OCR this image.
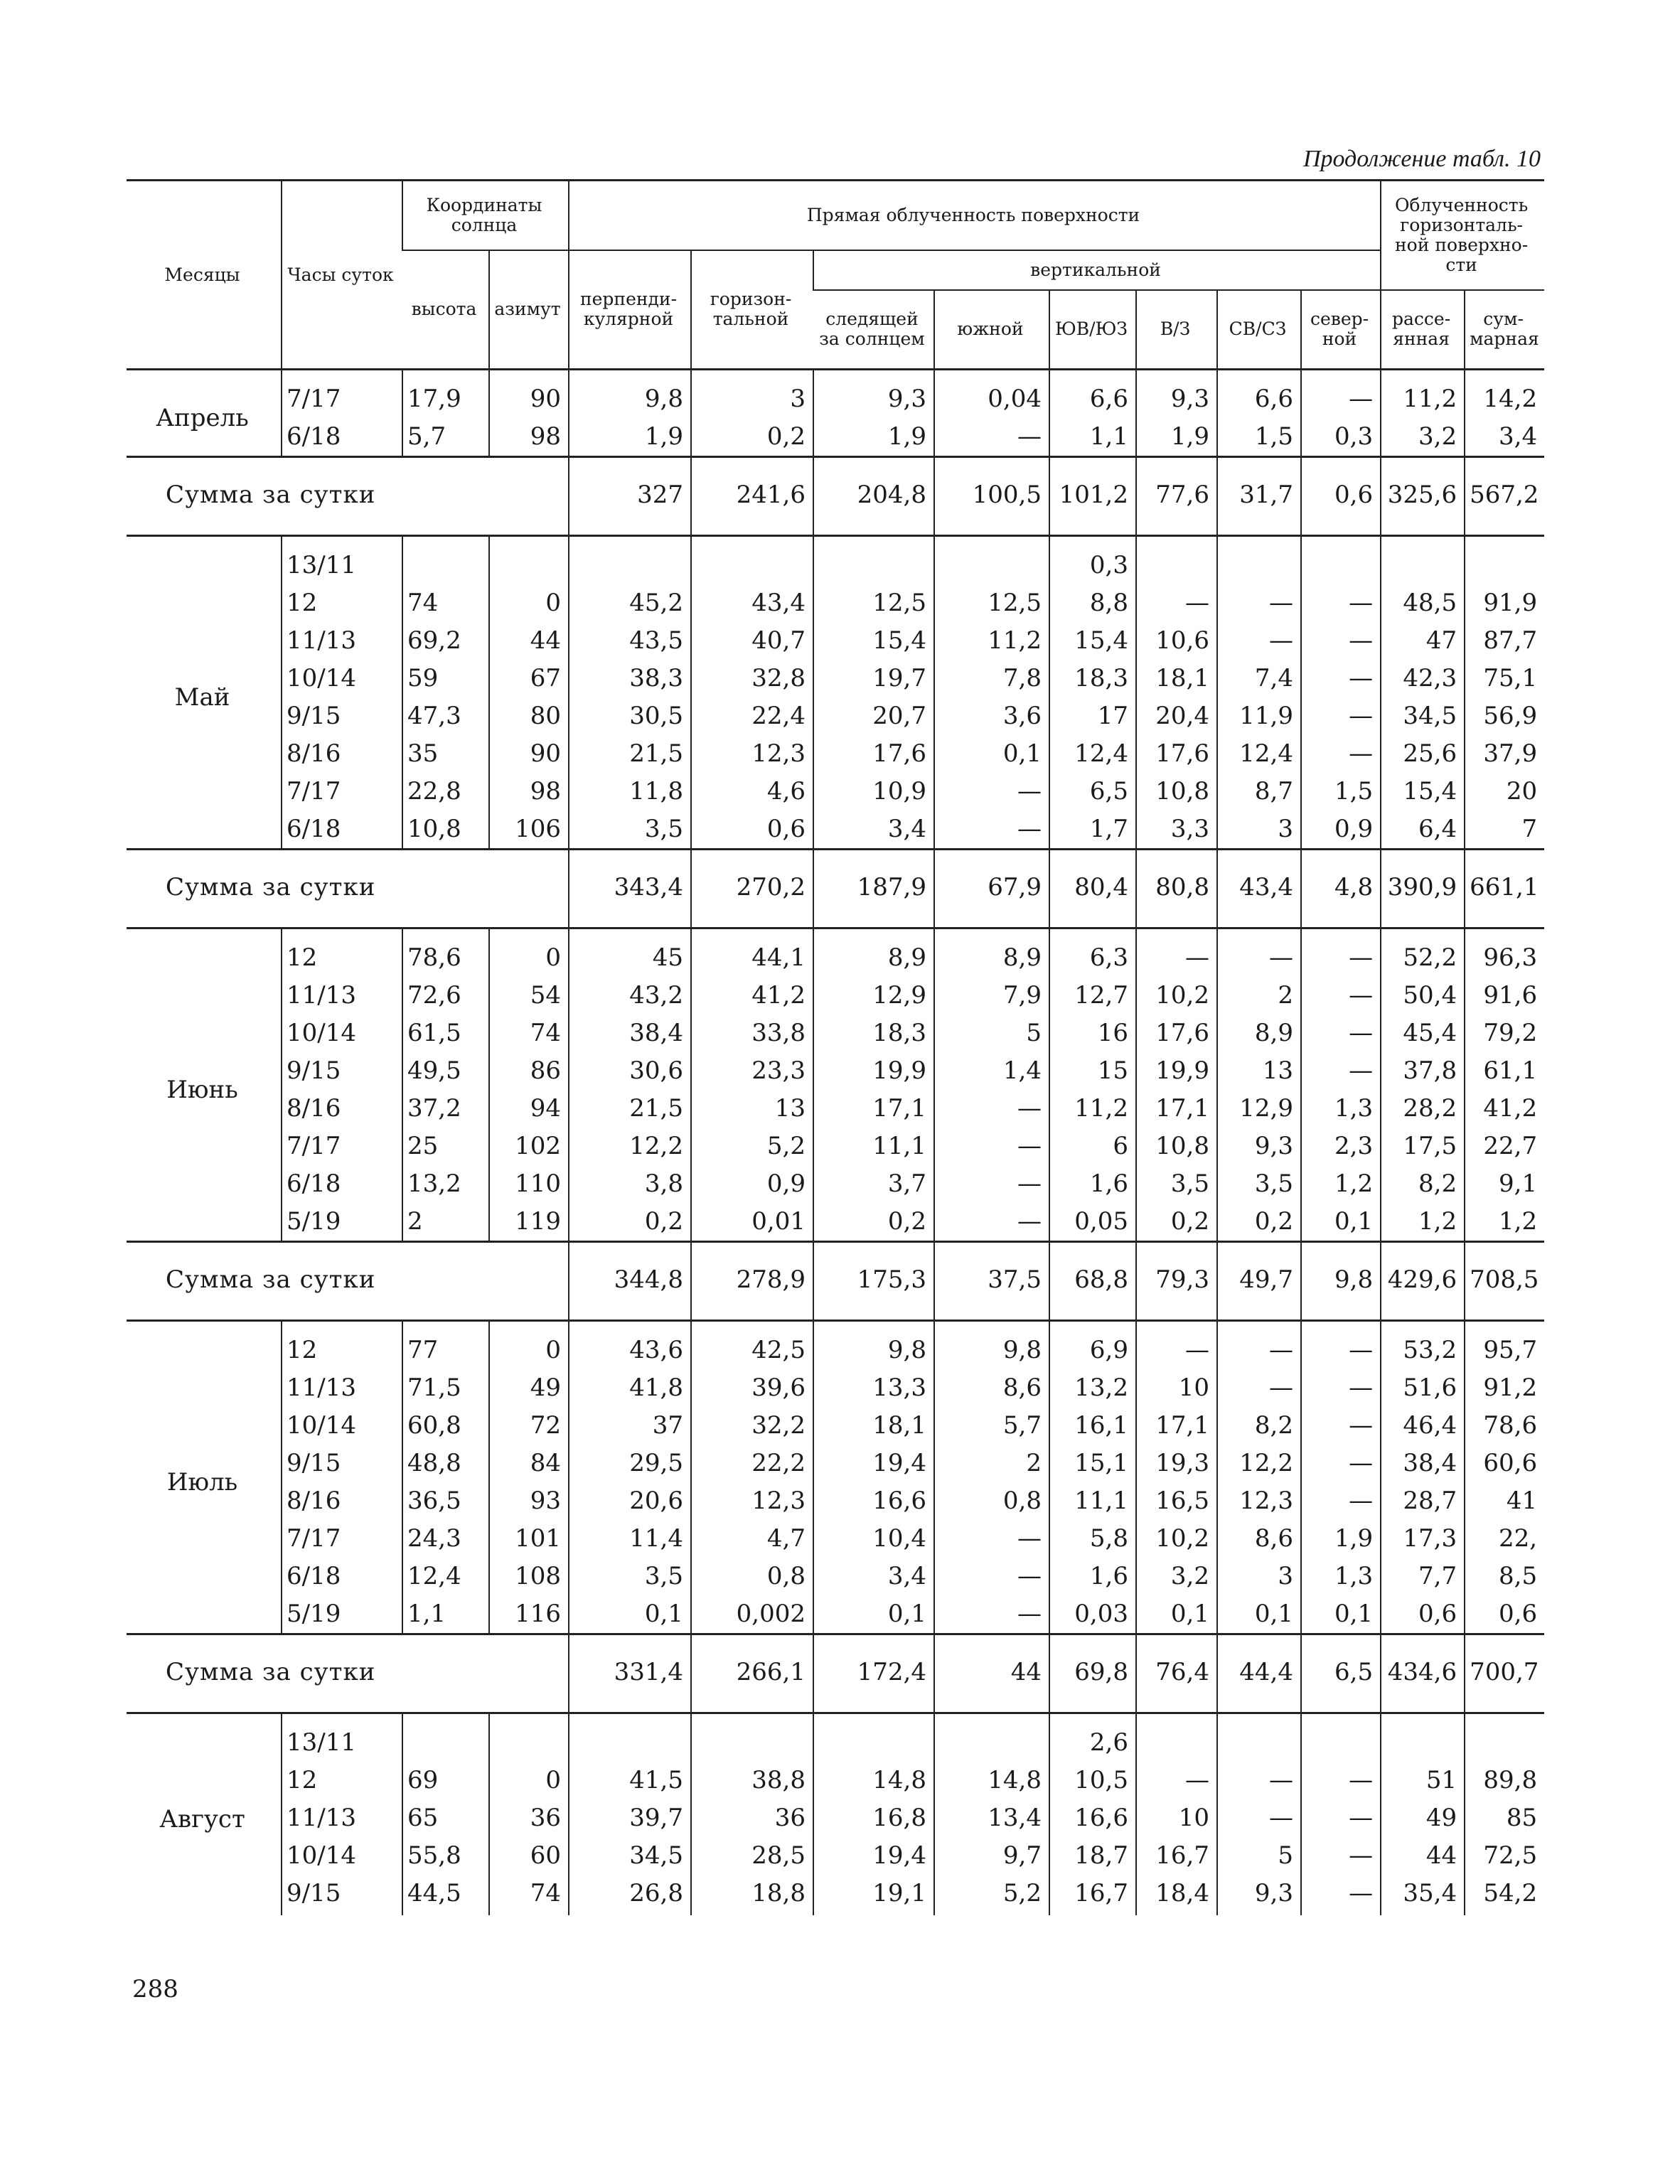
Продолжение табл. 10
Месяцы	Часы суток	Координаты солнца		Прямая облученность поверхности								Облученность горизонталь-ной поверхно-сти	
		высота	азимут	перпенди-кулярной	горизон-тальной	вертикальной							
						следящей за солнцем	южной	ЮВ/ЮЗ	В/З	СВ/СЗ	север-ной	рассе-янная	сум-марная
Апрель	7/17	17,9	90	9,8	3	9,3	0,04	6,6	9,3	6,6	—	11,2	14,2
	6/18	5,7	98	1,9	0,2	1,9	—	1,1	1,9	1,5	0,3	3,2	3,4
Сумма за сутки				327	241,6	204,8	100,5	101,2	77,6	31,7	0,6	325,6	567,2
Май	13/11							0,3					
	12	74	0	45,2	43,4	12,5	12,5	8,8	—	—	—	48,5	91,9
	11/13	69,2	44	43,5	40,7	15,4	11,2	15,4	10,6	—	—	47	87,7
	10/14	59	67	38,3	32,8	19,7	7,8	18,3	18,1	7,4	—	42,3	75,1
	9/15	47,3	80	30,5	22,4	20,7	3,6	17	20,4	11,9	—	34,5	56,9
	8/16	35	90	21,5	12,3	17,6	0,1	12,4	17,6	12,4	—	25,6	37,9
	7/17	22,8	98	11,8	4,6	10,9	—	6,5	10,8	8,7	1,5	15,4	20
	6/18	10,8	106	3,5	0,6	3,4	—	1,7	3,3	3	0,9	6,4	7
Сумма за сутки				343,4	270,2	187,9	67,9	80,4	80,8	43,4	4,8	390,9	661,1
Июнь	12	78,6	0	45	44,1	8,9	8,9	6,3	—	—	—	52,2	96,3
	11/13	72,6	54	43,2	41,2	12,9	7,9	12,7	10,2	2	—	50,4	91,6
	10/14	61,5	74	38,4	33,8	18,3	5	16	17,6	8,9	—	45,4	79,2
	9/15	49,5	86	30,6	23,3	19,9	1,4	15	19,9	13	—	37,8	61,1
	8/16	37,2	94	21,5	13	17,1	—	11,2	17,1	12,9	1,3	28,2	41,2
	7/17	25	102	12,2	5,2	11,1	—	6	10,8	9,3	2,3	17,5	22,7
	6/18	13,2	110	3,8	0,9	3,7	—	1,6	3,5	3,5	1,2	8,2	9,1
	5/19	2	119	0,2	0,01	0,2	—	0,05	0,2	0,2	0,1	1,2	1,2
Сумма за сутки				344,8	278,9	175,3	37,5	68,8	79,3	49,7	9,8	429,6	708,5
Июль	12	77	0	43,6	42,5	9,8	9,8	6,9	—	—	—	53,2	95,7
	11/13	71,5	49	41,8	39,6	13,3	8,6	13,2	10	—	—	51,6	91,2
	10/14	60,8	72	37	32,2	18,1	5,7	16,1	17,1	8,2	—	46,4	78,6
	9/15	48,8	84	29,5	22,2	19,4	2	15,1	19,3	12,2	—	38,4	60,6
	8/16	36,5	93	20,6	12,3	16,6	0,8	11,1	16,5	12,3	—	28,7	41
	7/17	24,3	101	11,4	4,7	10,4	—	5,8	10,2	8,6	1,9	17,3	22,
	6/18	12,4	108	3,5	0,8	3,4	—	1,6	3,2	3	1,3	7,7	8,5
	5/19	1,1	116	0,1	0,002	0,1	—	0,03	0,1	0,1	0,1	0,6	0,6
Сумма за сутки				331,4	266,1	172,4	44	69,8	76,4	44,4	6,5	434,6	700,7
Август	13/11							2,6					
	12	69	0	41,5	38,8	14,8	14,8	10,5	—	—	—	51	89,8
	11/13	65	36	39,7	36	16,8	13,4	16,6	10	—	—	49	85
	10/14	55,8	60	34,5	28,5	19,4	9,7	18,7	16,7	5	—	44	72,5
	9/15	44,5	74	26,8	18,8	19,1	5,2	16,7	18,4	9,3	—	35,4	54,2
288
